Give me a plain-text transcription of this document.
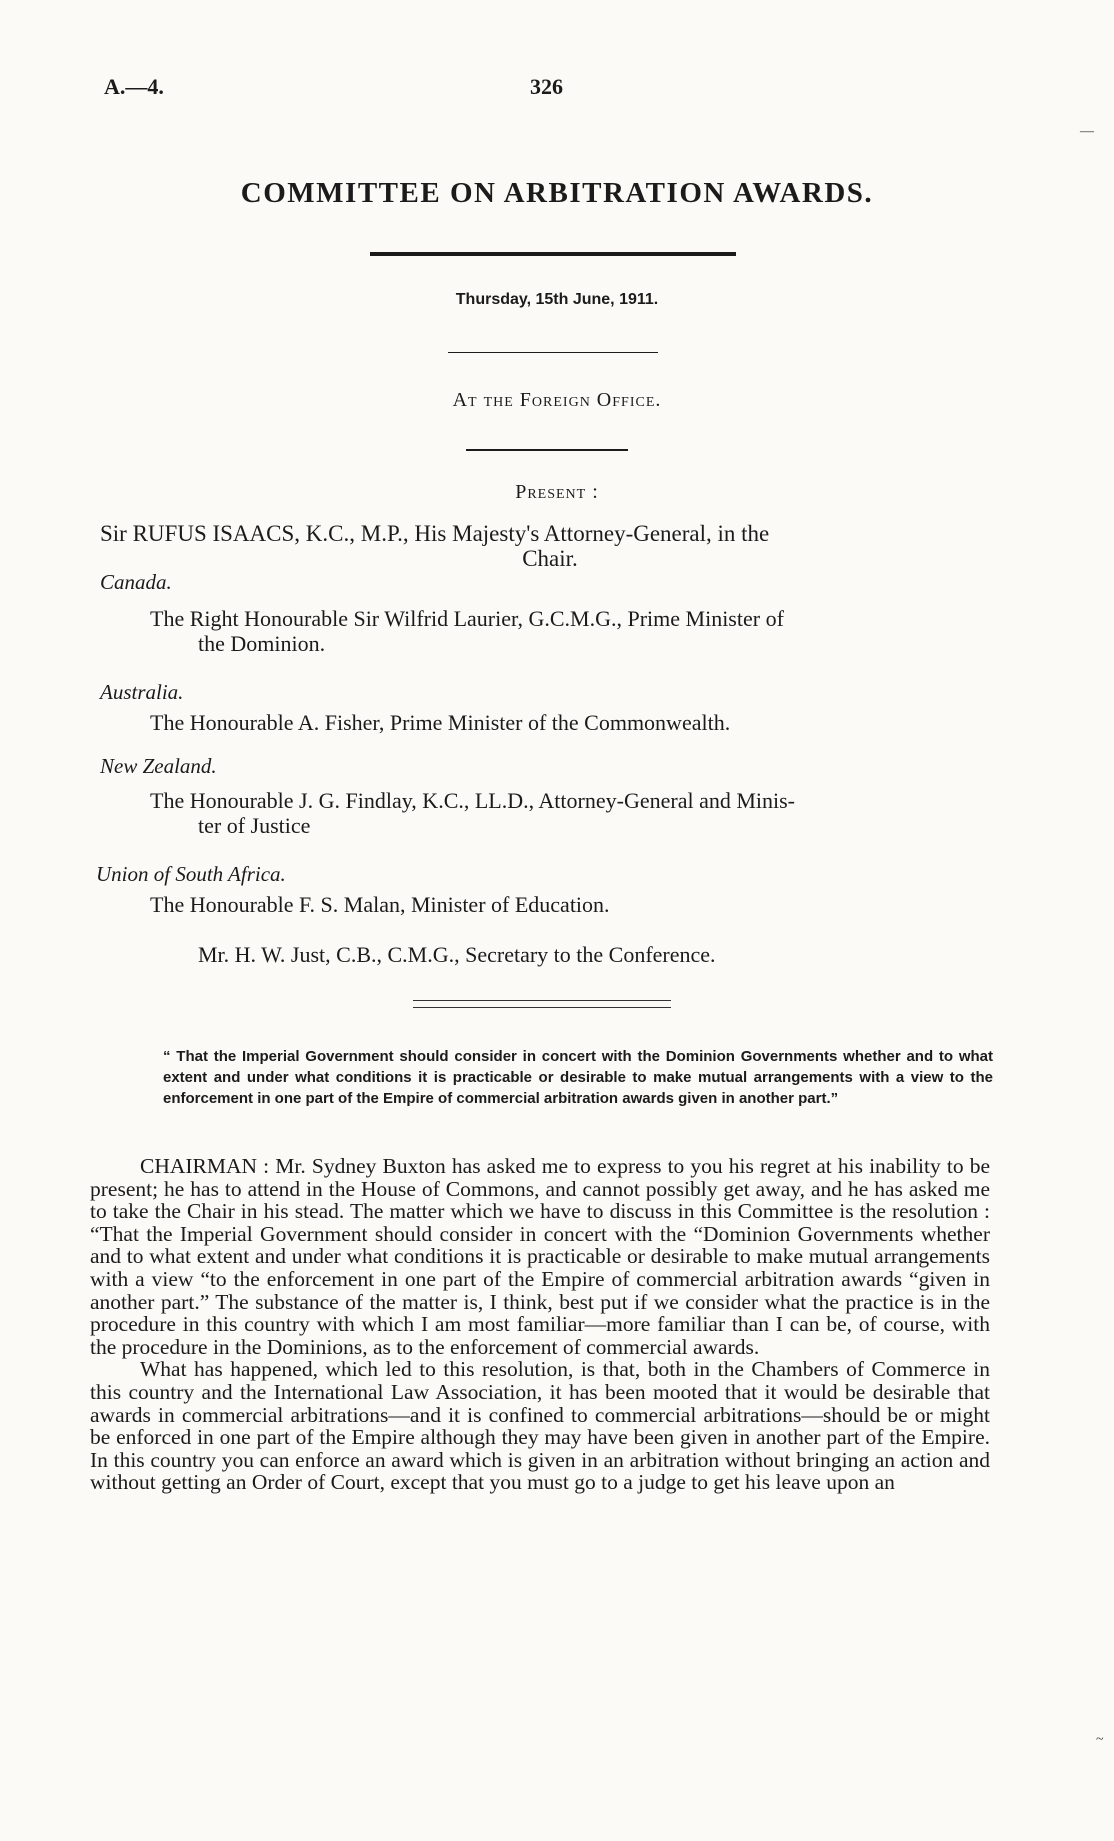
A.—4.	326
―
COMMITTEE ON ARBITRATION AWARDS.
Thursday, 15th June, 1911.
At the Foreign Office.
Present :
Sir RUFUS ISAACS, K.C., M.P., His Majesty's Attorney-General, in the
Chair.
Canada.
The Right Honourable Sir Wilfrid Laurier, G.C.M.G., Prime Minister of
the Dominion.
Australia.
The Honourable A. Fisher, Prime Minister of the Commonwealth.
New Zealand.
The Honourable J. G. Findlay, K.C., LL.D., Attorney-General and Minis-
ter of Justice
Union of South Africa.
The Honourable F. S. Malan, Minister of Education.
Mr. H. W. Just, C.B., C.M.G., Secretary to the Conference.
“ That the Imperial Government should consider in concert with the Dominion Governments whether and to what extent and under what conditions it is practicable or desirable to make mutual arrangements with a view to the enforcement in one part of the Empire of commercial arbitration awards given in another part.”

CHAIRMAN : Mr. Sydney Buxton has asked me to express to you his regret at his inability to be present; he has to attend in the House of Commons, and cannot possibly get away, and he has asked me to take the Chair in his stead. The matter which we have to discuss in this Committee is the resolution : “That the Imperial Government should consider in concert with the “Dominion Governments whether and to what extent and under what conditions it is practicable or desirable to make mutual arrangements with a view “to the enforcement in one part of the Empire of commercial arbitration awards “given in another part.” The substance of the matter is, I think, best put if we consider what the practice is in the procedure in this country with which I am most familiar—more familiar than I can be, of course, with the procedure in the Dominions, as to the enforcement of commercial awards.

What has happened, which led to this resolution, is that, both in the Chambers of Commerce in this country and the International Law Association, it has been mooted that it would be desirable that awards in commercial arbitrations—and it is confined to commercial arbitrations—should be or might be enforced in one part of the Empire although they may have been given in another part of the Empire. In this country you can enforce an award which is given in an arbitration without bringing an action and without getting an Order of Court, except that you must go to a judge to get his leave upon an

~
